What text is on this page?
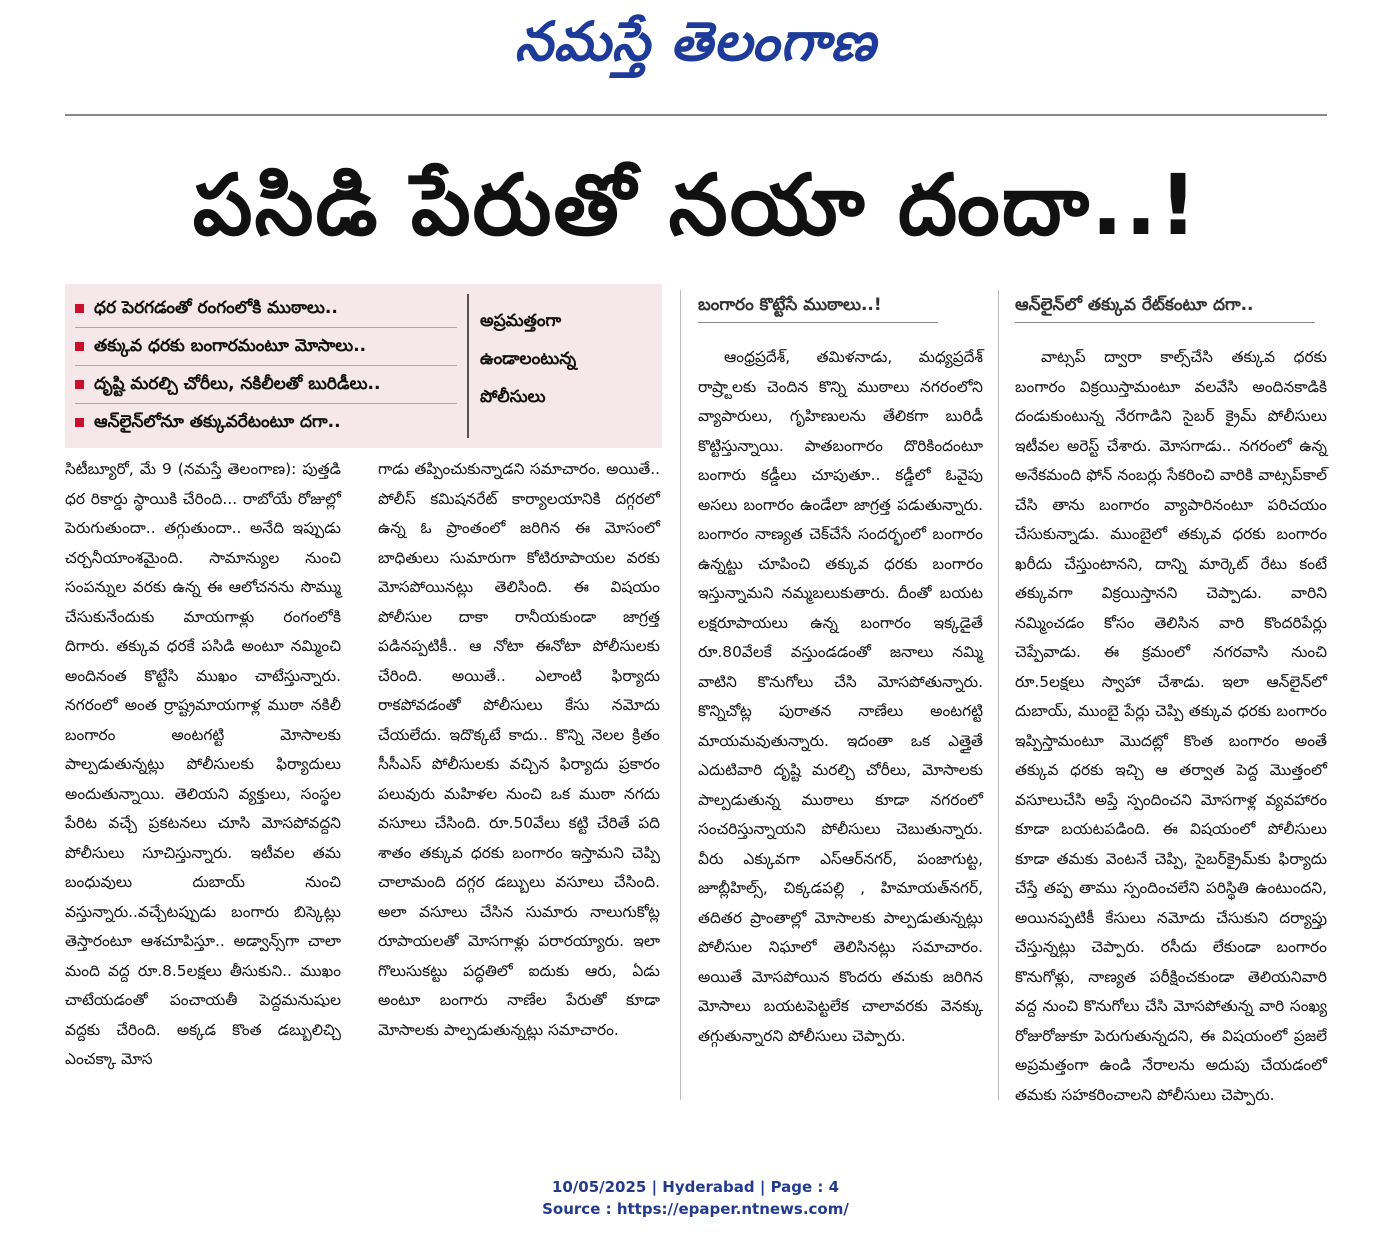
నమస్తే తెలంగాణ
పసిడి పేరుతో నయా దందా..!
ధర పెరగడంతో రంగంలోకి ముఠాలు..
తక్కువ ధరకు బంగారమంటూ మోసాలు..
దృష్టి మరల్చి చోరీలు, నకిలీలతో బురిడీలు..
ఆన్‌లైన్‌లోనూ తక్కువరేటంటూ దగా..
అప్రమత్తంగా
ఉండాలంటున్న
పోలీసులు
బంగారం కొట్టేసే ముఠాలు..!	ఆన్‌లైన్‌లో తక్కువ రేట్‌కంటూ దగా..

సిటీబ్యూరో, మే 9 (నమస్తే తెలంగాణ): పుత్తడి ధర రికార్డు స్థాయికి చేరింది... రాబోయే రోజుల్లో పెరుగుతుందా.. తగ్గుతుందా.. అనేది ఇప్పుడు చర్చనీయాంశమైంది. సామాన్యుల నుంచి సంపన్నుల వరకు ఉన్న ఈ ఆలోచనను సొమ్ము చేసుకునేందుకు మాయగాళ్లు రంగంలోకి దిగారు. తక్కువ ధరకే పసిడి అంటూ నమ్మించి అందినంత కొట్టేసి ముఖం చాటేస్తున్నారు. నగరంలో అంత ర్రాష్ట్రమాయగాళ్ల ముఠా నకిలీ బంగారం అంటగట్టి మోసాలకు పాల్పడుతున్నట్లు పోలీసులకు ఫిర్యాదులు అందుతున్నాయి. తెలియని వ్యక్తులు, సంస్థల పేరిట వచ్చే ప్రకటనలు చూసి మోసపోవద్దని పోలీసులు సూచిస్తున్నారు. ఇటీవల తమ బంధువులు దుబాయ్ నుంచి వస్తున్నారు..వచ్చేటప్పుడు బంగారు బిస్కెట్లు తెస్తారంటూ ఆశచూపిస్తూ.. అడ్వాన్స్‌గా చాలా మంది వద్ద రూ.8.5లక్షలు తీసుకుని.. ముఖం చాటేయడంతో పంచాయతీ పెద్దమనుషుల వద్దకు చేరింది. అక్కడ కొంత డబ్బులిచ్చి ఎంచక్కా మోస

గాడు తప్పించుకున్నాడని సమాచారం. అయితే.. పోలీస్ కమిషనరేట్ కార్యాలయానికి దగ్గరలో ఉన్న ఓ ప్రాంతంలో జరిగిన ఈ మోసంలో బాధితులు సుమారుగా కోటిరూపాయల వరకు మోసపోయినట్లు తెలిసింది. ఈ విషయం పోలీసుల దాకా రానీయకుండా జాగ్రత్త పడినప్పటికీ.. ఆ నోటా ఈనోటా పోలీసులకు చేరింది. అయితే.. ఎలాంటి ఫిర్యాదు రాకపోవడంతో పోలీసులు కేసు నమోదు చేయలేదు. ఇదొక్కటే కాదు.. కొన్ని నెలల క్రితం సీసీఎస్ పోలీసులకు వచ్చిన ఫిర్యాదు ప్రకారం పలువురు మహిళల నుంచి ఒక ముఠా నగదు వసూలు చేసింది. రూ.50వేలు కట్టి చేరితే పది శాతం తక్కువ ధరకు బంగారం ఇస్తామని చెప్పి చాలామంది దగ్గర డబ్బులు వసూలు చేసింది. అలా వసూలు చేసిన సుమారు నాలుగుకోట్ల రూపాయలతో మోసగాళ్లు పరారయ్యారు. ఇలా గొలుసుకట్టు పద్ధతిలో ఐదుకు ఆరు, ఏడు అంటూ బంగారు నాణేల పేరుతో కూడా మోసాలకు పాల్పడుతున్నట్లు సమాచారం.

ఆంధ్రప్రదేశ్, తమిళనాడు, మధ్యప్రదేశ్ రాష్ర్టాలకు చెందిన కొన్ని ముఠాలు నగరంలోని వ్యాపారులు, గృహిణులను తేలికగా బురిడీ కొట్టిస్తున్నాయి. పాతబంగారం దొరికిందంటూ బంగారు కడ్డీలు చూపుతూ.. కడ్డీలో ఓవైపు అసలు బంగారం ఉండేలా జాగ్రత్త పడుతున్నారు. బంగారం నాణ్యత చెక్‌చేసే సందర్భంలో బంగారం ఉన్నట్టు చూపించి తక్కువ ధరకు బంగారం ఇస్తున్నామని నమ్మబలుకుతారు. దీంతో బయట లక్షరూపాయలు ఉన్న బంగారం ఇక్కడైతే రూ.80వేలకే వస్తుండడంతో జనాలు నమ్మి వాటిని కొనుగోలు చేసి మోసపోతున్నారు. కొన్నిచోట్ల పురాతన నాణేలు అంటగట్టి మాయమవుతున్నారు. ఇదంతా ఒక ఎత్తైతే ఎదుటివారి దృష్టి మరల్చి చోరీలు, మోసాలకు పాల్పడుతున్న ముఠాలు కూడా నగరంలో సంచరిస్తున్నాయని పోలీసులు చెబుతున్నారు. వీరు ఎక్కువగా ఎస్ఆర్‌నగర్, పంజాగుట్ట, జూబ్లీహిల్స్, చిక్కడపల్లి , హిమాయత్‌నగర్, తదితర ప్రాంతాల్లో మోసాలకు పాల్పడుతున్నట్లు పోలీసుల నిఘాలో తెలిసినట్లు సమాచారం. అయితే మోసపోయిన కొందరు తమకు జరిగిన మోసాలు బయటపెట్టలేక చాలావరకు వెనక్కు తగ్గుతున్నారని పోలీసులు చెప్పారు.

వాట్సప్ ద్వారా కాల్స్‌చేసి తక్కువ ధరకు బంగారం విక్రయిస్తామంటూ వలవేసి అందినకాడికి దండుకుంటున్న నేరగాడిని సైబర్ క్రైమ్ పోలీసులు ఇటీవల అరెస్ట్ చేశారు. మోసగాడు.. నగరంలో ఉన్న అనేకమంది ఫోన్ నంబర్లు సేకరించి వారికి వాట్సప్‌కాల్ చేసి తాను బంగారం వ్యాపారినంటూ పరిచయం చేసుకున్నాడు. ముంబైలో తక్కువ ధరకు బంగారం ఖరీదు చేస్తుంటానని, దాన్ని మార్కెట్ రేటు కంటే తక్కువగా విక్రయిస్తానని చెప్పాడు. వారిని నమ్మించడం కోసం తెలిసిన వారి కొందరిపేర్లు చెప్పేవాడు. ఈ క్రమంలో నగరవాసి నుంచి రూ.5లక్షలు స్వాహా చేశాడు. ఇలా ఆన్‌లైన్‌లో దుబాయ్, ముంబై పేర్లు చెప్పి తక్కువ ధరకు బంగారం ఇప్పిస్తామంటూ మొదట్లో కొంత బంగారం అంతే తక్కువ ధరకు ఇచ్చి ఆ తర్వాత పెద్ద మొత్తంలో వసూలుచేసి అప్తే స్పందించని మోసగాళ్ల వ్యవహారం కూడా బయటపడింది. ఈ విషయంలో పోలీసులు కూడా తమకు వెంటనే చెప్పి, సైబర్‌క్రైమ్‌కు ఫిర్యాదు చేస్తే తప్ప తాము స్పందించలేని పరిస్థితి ఉంటుందని, అయినప్పటికీ కేసులు నమోదు చేసుకుని దర్యాప్తు చేస్తున్నట్లు చెప్పారు. రసీదు లేకుండా బంగారం కొనుగోళ్లు, నాణ్యత పరీక్షించకుండా తెలియనివారి వద్ద నుంచి కొనుగోలు చేసి మోసపోతున్న వారి సంఖ్య రోజురోజుకూ పెరుగుతున్నదని, ఈ విషయంలో ప్రజలే అప్రమత్తంగా ఉండి నేరాలను అదుపు చేయడంలో తమకు సహకరించాలని పోలీసులు చెప్పారు.

10/05/2025 | Hyderabad | Page : 4
Source : https://epaper.ntnews.com/
